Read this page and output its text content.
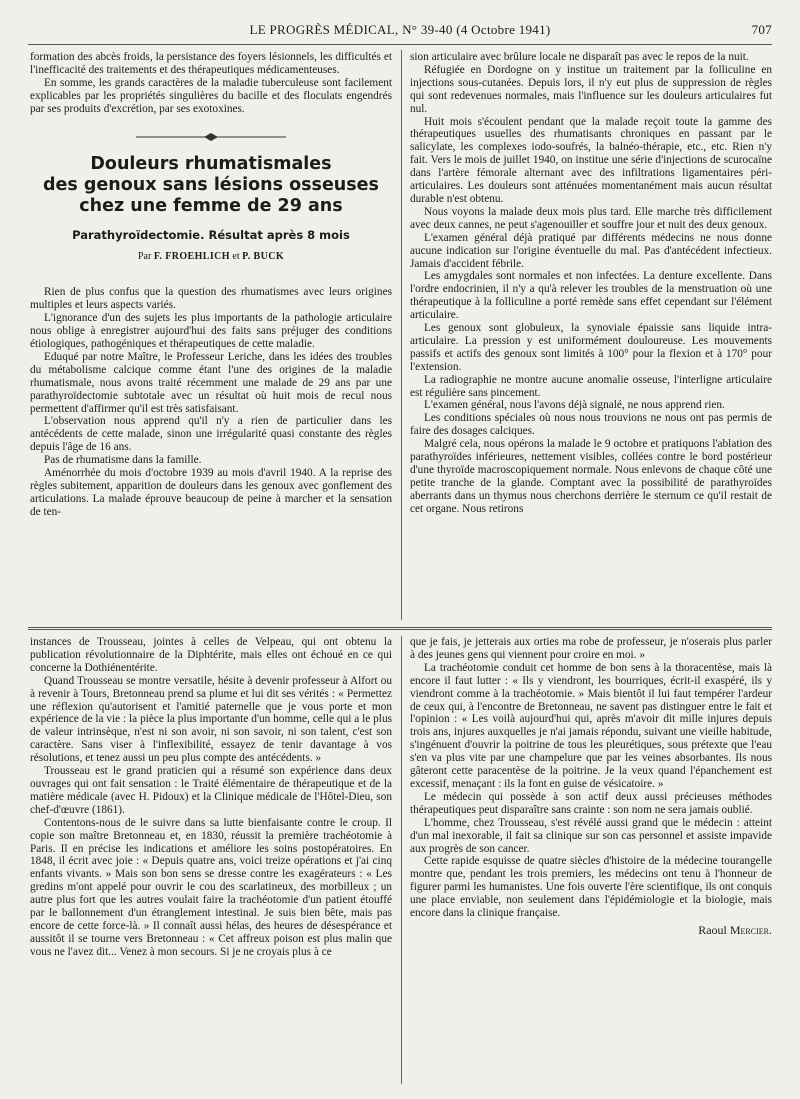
LE PROGRÈS MÉDICAL, N° 39-40 (4 Octobre 1941)	707

formation des abcès froids, la persistance des foyers lésionnels, les difficultés et l'inefficacité des traitements et des thérapeutiques médicamenteuses.

En somme, les grands caractères de la maladie tuberculeuse sont facilement explicables par les propriétés singulières du bacille et des floculats engendrés par ses produits d'excrétion, par ses exotoxines.

Douleurs rhumatismales
des genoux sans lésions osseuses
chez une femme de 29 ans
Parathyroïdectomie. Résultat après 8 mois
Par F. FROEHLICH et P. BUCK

Rien de plus confus que la question des rhumatismes avec leurs origines multiples et leurs aspects variés.

L'ignorance d'un des sujets les plus importants de la pathologie articulaire nous oblige à enregistrer aujourd'hui des faits sans préjuger des conditions étiologiques, pathogéniques et thérapeutiques de cette maladie.

Eduqué par notre Maître, le Professeur Leriche, dans les idées des troubles du métabolisme calcique comme étant l'une des origines de la maladie rhumatismale, nous avons traité récemment une malade de 29 ans par une parathyroïdectomie subtotale avec un résultat où huit mois de recul nous permettent d'affirmer qu'il est très satisfaisant.

L'observation nous apprend qu'il n'y a rien de particulier dans les antécédents de cette malade, sinon une irrégularité quasi constante des règles depuis l'âge de 16 ans.

Pas de rhumatisme dans la famille.

Aménorrhée du mois d'octobre 1939 au mois d'avril 1940. A la reprise des règles subitement, apparition de douleurs dans les genoux avec gonflement des articulations. La malade éprouve beaucoup de peine à marcher et la sensation de ten-

sion articulaire avec brûlure locale ne disparaît pas avec le repos de la nuit.

Réfugiée en Dordogne on y institue un traitement par la folliculine en injections sous-cutanées. Depuis lors, il n'y eut plus de suppression de règles qui sont redevenues normales, mais l'influence sur les douleurs articulaires fut nul.

Huit mois s'écoulent pendant que la malade reçoit toute la gamme des thérapeutiques usuelles des rhumatisants chroniques en passant par le salicylate, les complexes iodo-soufrés, la balnéo-thérapie, etc., etc. Rien n'y fait. Vers le mois de juillet 1940, on institue une série d'injections de scurocaïne dans l'artère fémorale alternant avec des infiltrations ligamentaires péri-articulaires. Les douleurs sont atténuées momentanément mais aucun résultat durable n'est obtenu.

Nous voyons la malade deux mois plus tard. Elle marche très difficilement avec deux cannes, ne peut s'agenouiller et souffre jour et nuit des deux genoux.

L'examen général déjà pratiqué par différents médecins ne nous donne aucune indication sur l'origine éventuelle du mal. Pas d'antécédent infectieux. Jamais d'accident fébrile.

Les amygdales sont normales et non infectées. La denture excellente. Dans l'ordre endocrinien, il n'y a qu'à relever les troubles de la menstruation où une thérapeutique à la folliculine a porté remède sans effet cependant sur l'élément articulaire.

Les genoux sont globuleux, la synoviale épaissie sans liquide intra-articulaire. La pression y est uniformément douloureuse. Les mouvements passifs et actifs des genoux sont limités à 100° pour la flexion et à 170° pour l'extension.

La radiographie ne montre aucune anomalie osseuse, l'interligne articulaire est régulière sans pincement.

L'examen général, nous l'avons déjà signalé, ne nous apprend rien.

Les conditions spéciales où nous nous trouvions ne nous ont pas permis de faire des dosages calciques.

Malgré cela, nous opérons la malade le 9 octobre et pratiquons l'ablation des parathyroïdes inférieures, nettement visibles, collées contre le bord postérieur d'une thyroïde macroscopiquement normale. Nous enlevons de chaque côté une petite tranche de la glande. Comptant avec la possibilité de parathyroïdes aberrants dans un thymus nous cherchons derrière le sternum ce qu'il restait de cet organe. Nous retirons

instances de Trousseau, jointes à celles de Velpeau, qui ont obtenu la publication révolutionnaire de la Diphtérite, mais elles ont échoué en ce qui concerne la Dothiénentérite.

Quand Trousseau se montre versatile, hésite à devenir professeur à Alfort ou à revenir à Tours, Bretonneau prend sa plume et lui dit ses vérités : « Permettez une réflexion qu'autorisent et l'amitié paternelle que je vous porte et mon expérience de la vie : la pièce la plus importante d'un homme, celle qui a le plus de valeur intrinsèque, n'est ni son avoir, ni son savoir, ni son talent, c'est son caractère. Sans viser à l'inflexibilité, essayez de tenir davantage à vos résolutions, et tenez aussi un peu plus compte des antécédents. »

Trousseau est le grand praticien qui a résumé son expérience dans deux ouvrages qui ont fait sensation : le Traité élémentaire de thérapeutique et de la matière médicale (avec H. Pidoux) et la Clinique médicale de l'Hôtel-Dieu, son chef-d'œuvre (1861).

Contentons-nous de le suivre dans sa lutte bienfaisante contre le croup. Il copie son maître Bretonneau et, en 1830, réussit la première trachéotomie à Paris. Il en précise les indications et améliore les soins postopératoires. En 1848, il écrit avec joie : « Depuis quatre ans, voici treize opérations et j'ai cinq enfants vivants. » Mais son bon sens se dresse contre les exagérateurs : « Les gredins m'ont appelé pour ouvrir le cou des scarlatineux, des morbilleux ; un autre plus fort que les autres voulait faire la trachéotomie d'un patient étouffé par le ballonnement d'un étranglement intestinal. Je suis bien bête, mais pas encore de cette force-là. » Il connaît aussi hélas, des heures de désespérance et aussitôt il se tourne vers Bretonneau : « Cet affreux poison est plus malin que vous ne l'avez dit... Venez à mon secours. Si je ne croyais plus à ce

que je fais, je jetterais aux orties ma robe de professeur, je n'oserais plus parler à des jeunes gens qui viennent pour croire en moi. »

La trachéotomie conduit cet homme de bon sens à la thoracentèse, mais là encore il faut lutter : « Ils y viendront, les bourriques, écrit-il exaspéré, ils y viendront comme à la trachéotomie. » Mais bientôt il lui faut tempérer l'ardeur de ceux qui, à l'encontre de Bretonneau, ne savent pas distinguer entre le fait et l'opinion : « Les voilà aujourd'hui qui, après m'avoir dit mille injures depuis trois ans, injures auxquelles je n'ai jamais répondu, suivant une vieille habitude, s'ingénuent d'ouvrir la poitrine de tous les pleurétiques, sous prétexte que l'eau s'en va plus vite par une champelure que par les veines absorbantes. Ils nous gâteront cette paracentèse de la poitrine. Je la veux quand l'épanchement est excessif, menaçant : ils la font en guise de vésicatoire. »

Le médecin qui possède à son actif deux aussi précieuses méthodes thérapeutiques peut disparaître sans crainte : son nom ne sera jamais oublié.

L'homme, chez Trousseau, s'est révélé aussi grand que le médecin : atteint d'un mal inexorable, il fait sa clinique sur son cas personnel et assiste impavide aux progrès de son cancer.

Cette rapide esquisse de quatre siècles d'histoire de la médecine tourangelle montre que, pendant les trois premiers, les médecins ont tenu à l'honneur de figurer parmi les humanistes. Une fois ouverte l'ère scientifique, ils ont conquis une place enviable, non seulement dans l'épidémiologie et la biologie, mais encore dans la clinique française.

Raoul Mercier.
